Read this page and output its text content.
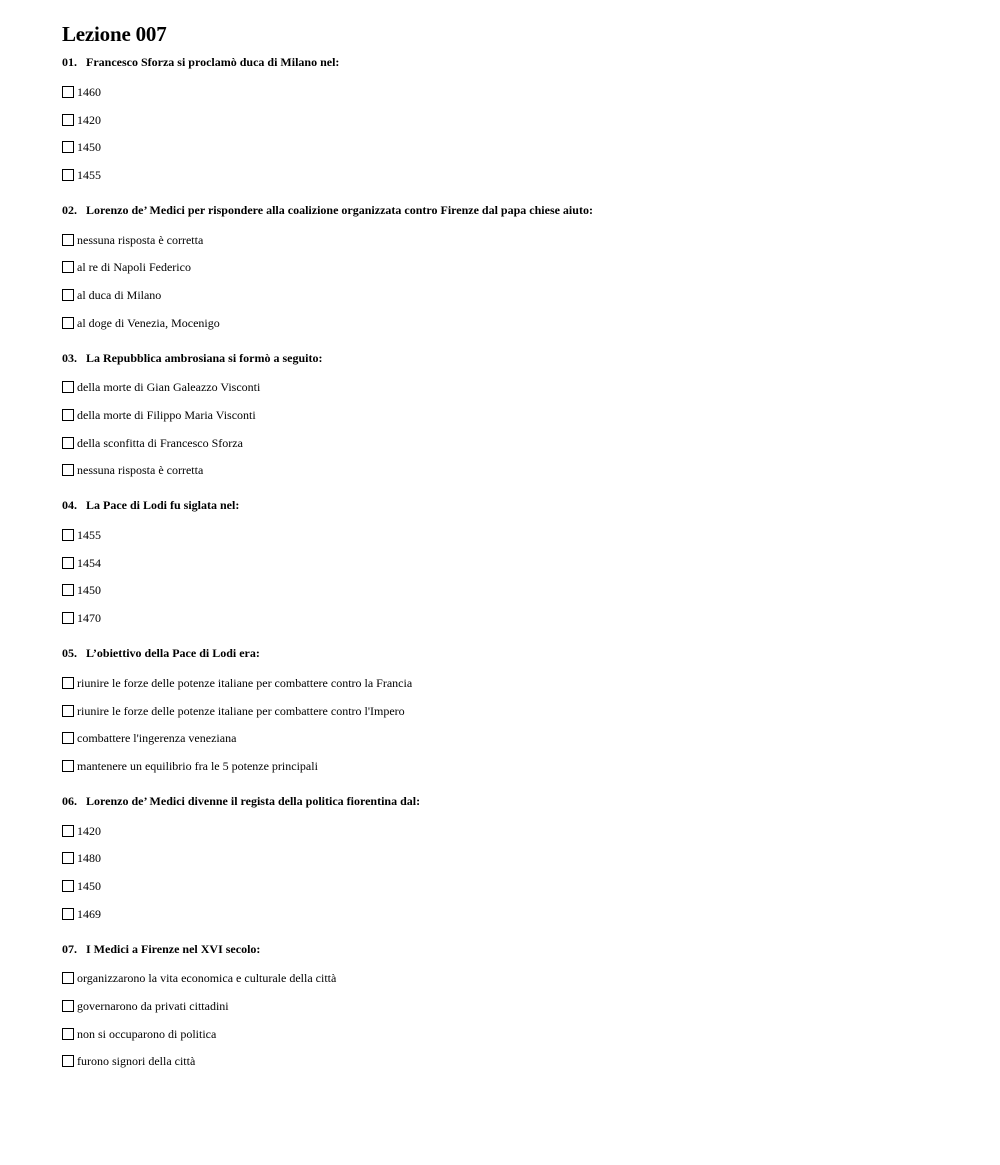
Lezione 007
01. Francesco Sforza si proclamò duca di Milano nel:
1460
1420
1450
1455
02. Lorenzo de’ Medici per rispondere alla coalizione organizzata contro Firenze dal papa chiese aiuto:
nessuna risposta è corretta
al re di Napoli Federico
al duca di Milano
al doge di Venezia, Mocenigo
03. La Repubblica ambrosiana si formò a seguito:
della morte di Gian Galeazzo Visconti
della morte di Filippo Maria Visconti
della sconfitta di Francesco Sforza
nessuna risposta è corretta
04. La Pace di Lodi fu siglata nel:
1455
1454
1450
1470
05. L’obiettivo della Pace di Lodi era:
riunire le forze delle potenze italiane per combattere contro la Francia
riunire le forze delle potenze italiane per combattere contro l'Impero
combattere l'ingerenza veneziana
mantenere un equilibrio fra le 5 potenze principali
06. Lorenzo de’ Medici divenne il regista della politica fiorentina dal:
1420
1480
1450
1469
07. I Medici a Firenze nel XVI secolo:
organizzarono la vita economica e culturale della città
governarono da privati cittadini
non si occuparono di politica
furono signori della città
